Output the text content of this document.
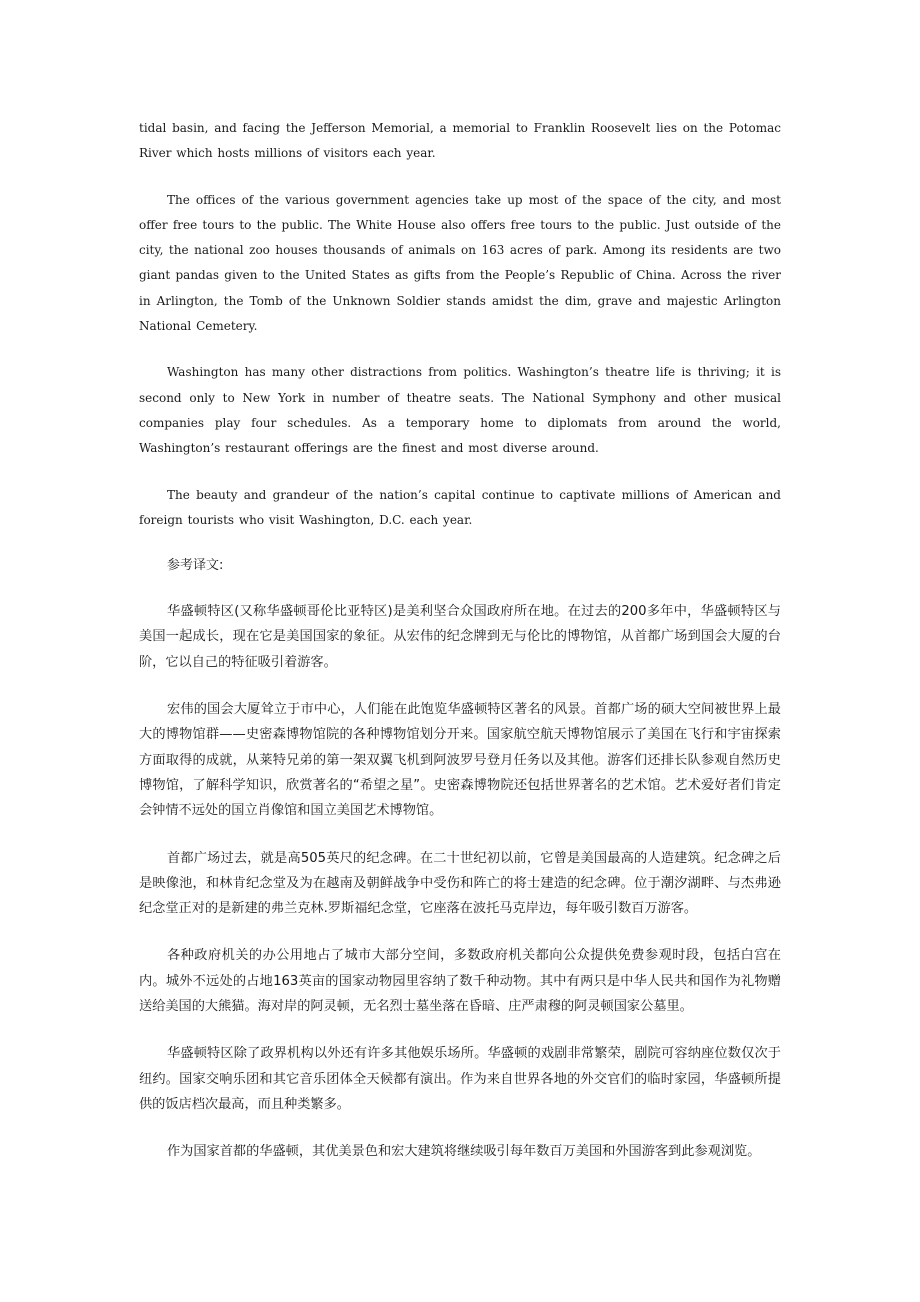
tidal basin, and facing the Jefferson Memorial, a memorial to Franklin Roosevelt lies on the Potomac River which hosts millions of visitors each year.

The offices of the various government agencies take up most of the space of the city, and most offer free tours to the public. The White House also offers free tours to the public. Just outside of the city, the national zoo houses thousands of animals on 163 acres of park. Among its residents are two giant pandas given to the United States as gifts from the People’s Republic of China. Across the river in Arlington, the Tomb of the Unknown Soldier stands amidst the dim, grave and majestic Arlington National Cemetery.

Washington has many other distractions from politics. Washington’s theatre life is thriving; it is second only to New York in number of theatre seats. The National Symphony and other musical companies play four schedules. As a temporary home to diplomats from around the world, Washington’s restaurant offerings are the finest and most diverse around.

The beauty and grandeur of the nation’s capital continue to captivate millions of American and foreign tourists who visit Washington, D.C. each year.

参考译文:

华盛顿特区(又称华盛顿哥伦比亚特区)是美利坚合众国政府所在地。在过去的200多年中，华盛顿特区与美国一起成长，现在它是美国国家的象征。从宏伟的纪念牌到无与伦比的博物馆，从首都广场到国会大厦的台阶，它以自己的特征吸引着游客。

宏伟的国会大厦耸立于市中心，人们能在此饱览华盛顿特区著名的风景。首都广场的硕大空间被世界上最大的博物馆群——史密森博物馆院的各种博物馆划分开来。国家航空航天博物馆展示了美国在飞行和宇宙探索方面取得的成就，从莱特兄弟的第一架双翼飞机到阿波罗号登月任务以及其他。游客们还排长队参观自然历史博物馆，了解科学知识，欣赏著名的“希望之星”。史密森博物院还包括世界著名的艺术馆。艺术爱好者们肯定会钟情不远处的国立肖像馆和国立美国艺术博物馆。

首都广场过去，就是高505英尺的纪念碑。在二十世纪初以前，它曾是美国最高的人造建筑。纪念碑之后是映像池，和林肯纪念堂及为在越南及朝鲜战争中受伤和阵亡的将士建造的纪念碑。位于潮汐湖畔、与杰弗逊纪念堂正对的是新建的弗兰克林.罗斯福纪念堂，它座落在波托马克岸边，每年吸引数百万游客。

各种政府机关的办公用地占了城市大部分空间，多数政府机关都向公众提供免费参观时段，包括白宫在内。城外不远处的占地163英亩的国家动物园里容纳了数千种动物。其中有两只是中华人民共和国作为礼物赠送给美国的大熊猫。海对岸的阿灵顿，无名烈士墓坐落在昏暗、庄严肃穆的阿灵顿国家公墓里。

华盛顿特区除了政界机构以外还有许多其他娱乐场所。华盛顿的戏剧非常繁荣，剧院可容纳座位数仅次于纽约。国家交响乐团和其它音乐团体全天候都有演出。作为来自世界各地的外交官们的临时家园，华盛顿所提供的饭店档次最高，而且种类繁多。

作为国家首都的华盛顿，其优美景色和宏大建筑将继续吸引每年数百万美国和外国游客到此参观浏览。
